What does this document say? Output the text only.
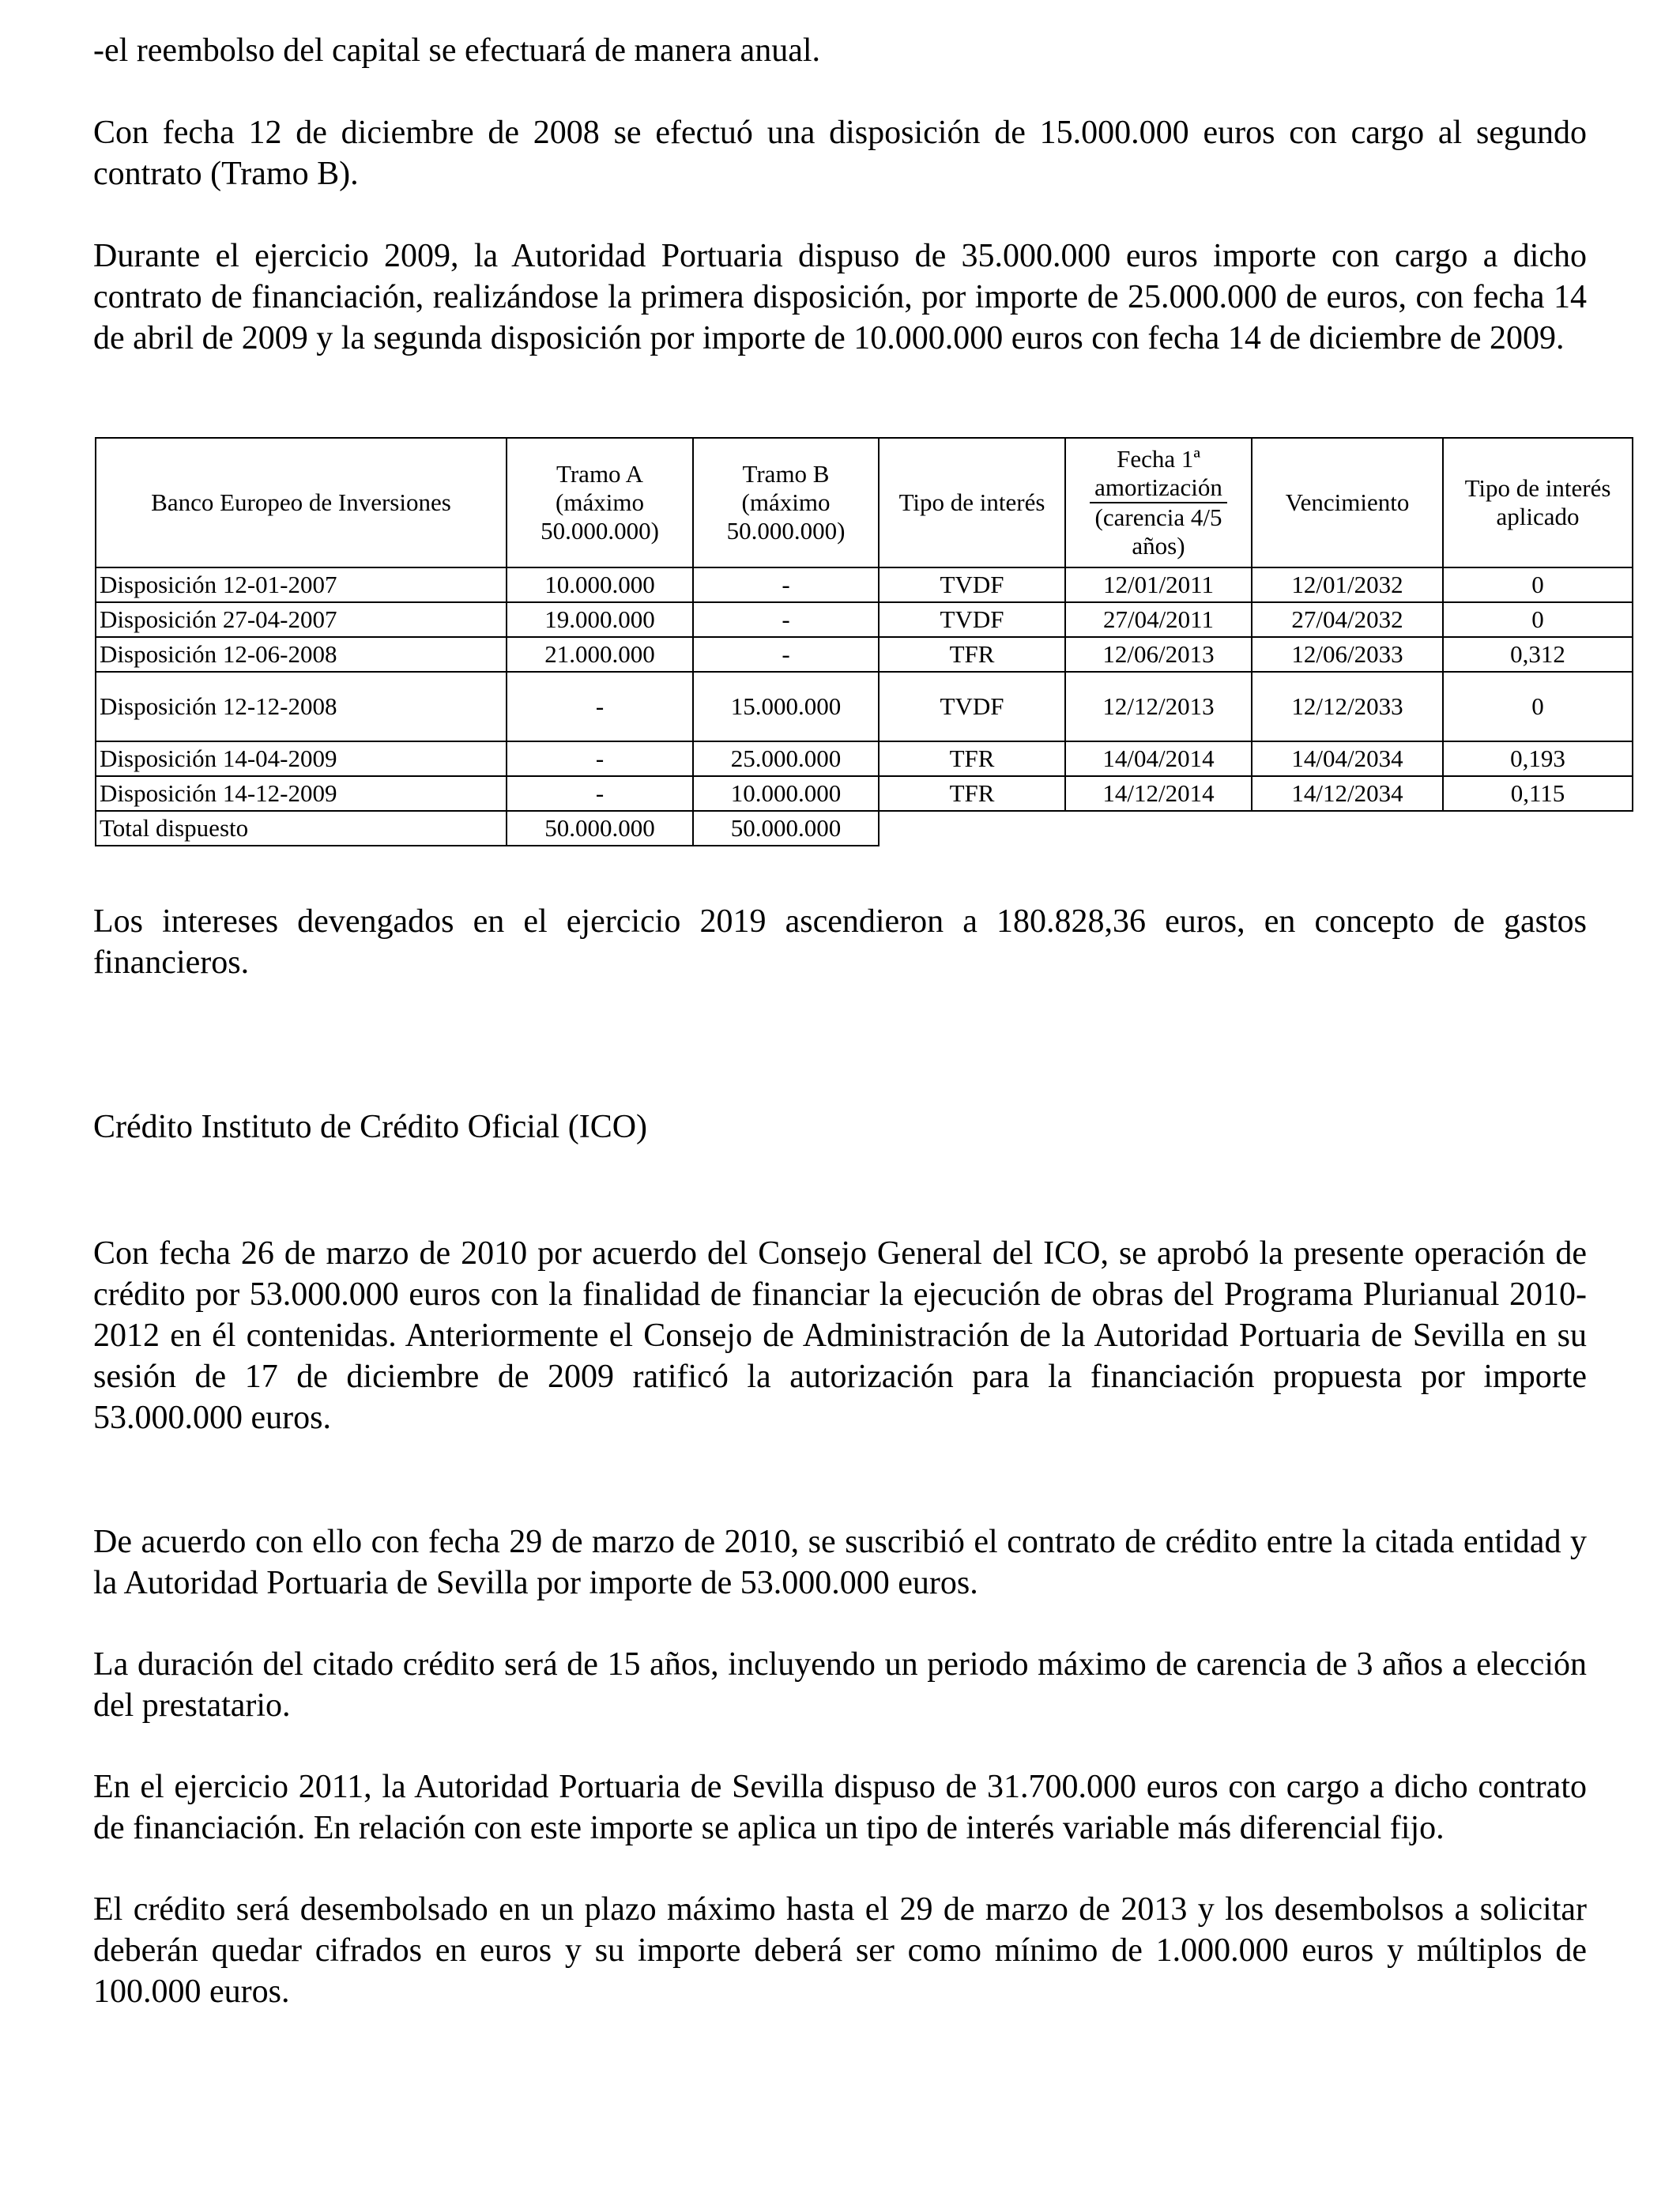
-el reembolso del capital se efectuará de manera anual.

Con fecha 12 de diciembre de 2008 se efectuó una disposición de 15.000.000 euros con cargo al segundo contrato (Tramo B).

Durante el ejercicio 2009, la Autoridad Portuaria dispuso de 35.000.000 euros importe con cargo a dicho contrato de financiación, realizándose la primera disposición, por importe de 25.000.000 de euros, con fecha 14 de abril de 2009 y la segunda disposición por importe de 10.000.000 euros con fecha 14 de diciembre de 2009.

Los intereses devengados en el ejercicio 2019 ascendieron a 180.828,36 euros, en concepto de gastos financieros.

Crédito Instituto de Crédito Oficial (ICO)

Con fecha 26 de marzo de 2010 por acuerdo del Consejo General del ICO, se aprobó la presente operación de crédito por 53.000.000 euros con la finalidad de financiar la ejecución de obras del Programa Plurianual 2010-2012 en él contenidas. Anteriormente el Consejo de Administración de la Autoridad Portuaria de Sevilla en su sesión de 17 de diciembre de 2009 ratificó la autorización para la financiación propuesta por importe 53.000.000 euros.

De acuerdo con ello con fecha 29 de marzo de 2010, se suscribió el contrato de crédito entre la citada entidad y la Autoridad Portuaria de Sevilla por importe de 53.000.000 euros.

La duración del citado crédito será de 15 años, incluyendo un periodo máximo de carencia de 3 años a elección del prestatario.

En el ejercicio 2011, la Autoridad Portuaria de Sevilla dispuso de 31.700.000 euros con cargo a dicho contrato de financiación. En relación con este importe se aplica un tipo de interés variable más diferencial fijo.

El crédito será desembolsado en un plazo máximo hasta el 29 de marzo de 2013 y los desembolsos a solicitar deberán quedar cifrados en euros y su importe deberá ser como mínimo de 1.000.000 euros y múltiplos de 100.000 euros.

Banco Europeo de Inversiones	Tramo A
(máximo
50.000.000)	Tramo B
(máximo
50.000.000)	Tipo de interés	Fecha 1ª
amortización
(carencia 4/5
años)	Vencimiento	Tipo de interés
aplicado
Disposición 12-01-2007	10.000.000	-	TVDF	12/01/2011	12/01/2032	0
Disposición 27-04-2007	19.000.000	-	TVDF	27/04/2011	27/04/2032	0
Disposición 12-06-2008	21.000.000	-	TFR	12/06/2013	12/06/2033	0,312
Disposición 12-12-2008	-	15.000.000	TVDF	12/12/2013	12/12/2033	0
Disposición 14-04-2009	-	25.000.000	TFR	14/04/2014	14/04/2034	0,193
Disposición 14-12-2009	-	10.000.000	TFR	14/12/2014	14/12/2034	0,115
Total dispuesto	50.000.000	50.000.000				
